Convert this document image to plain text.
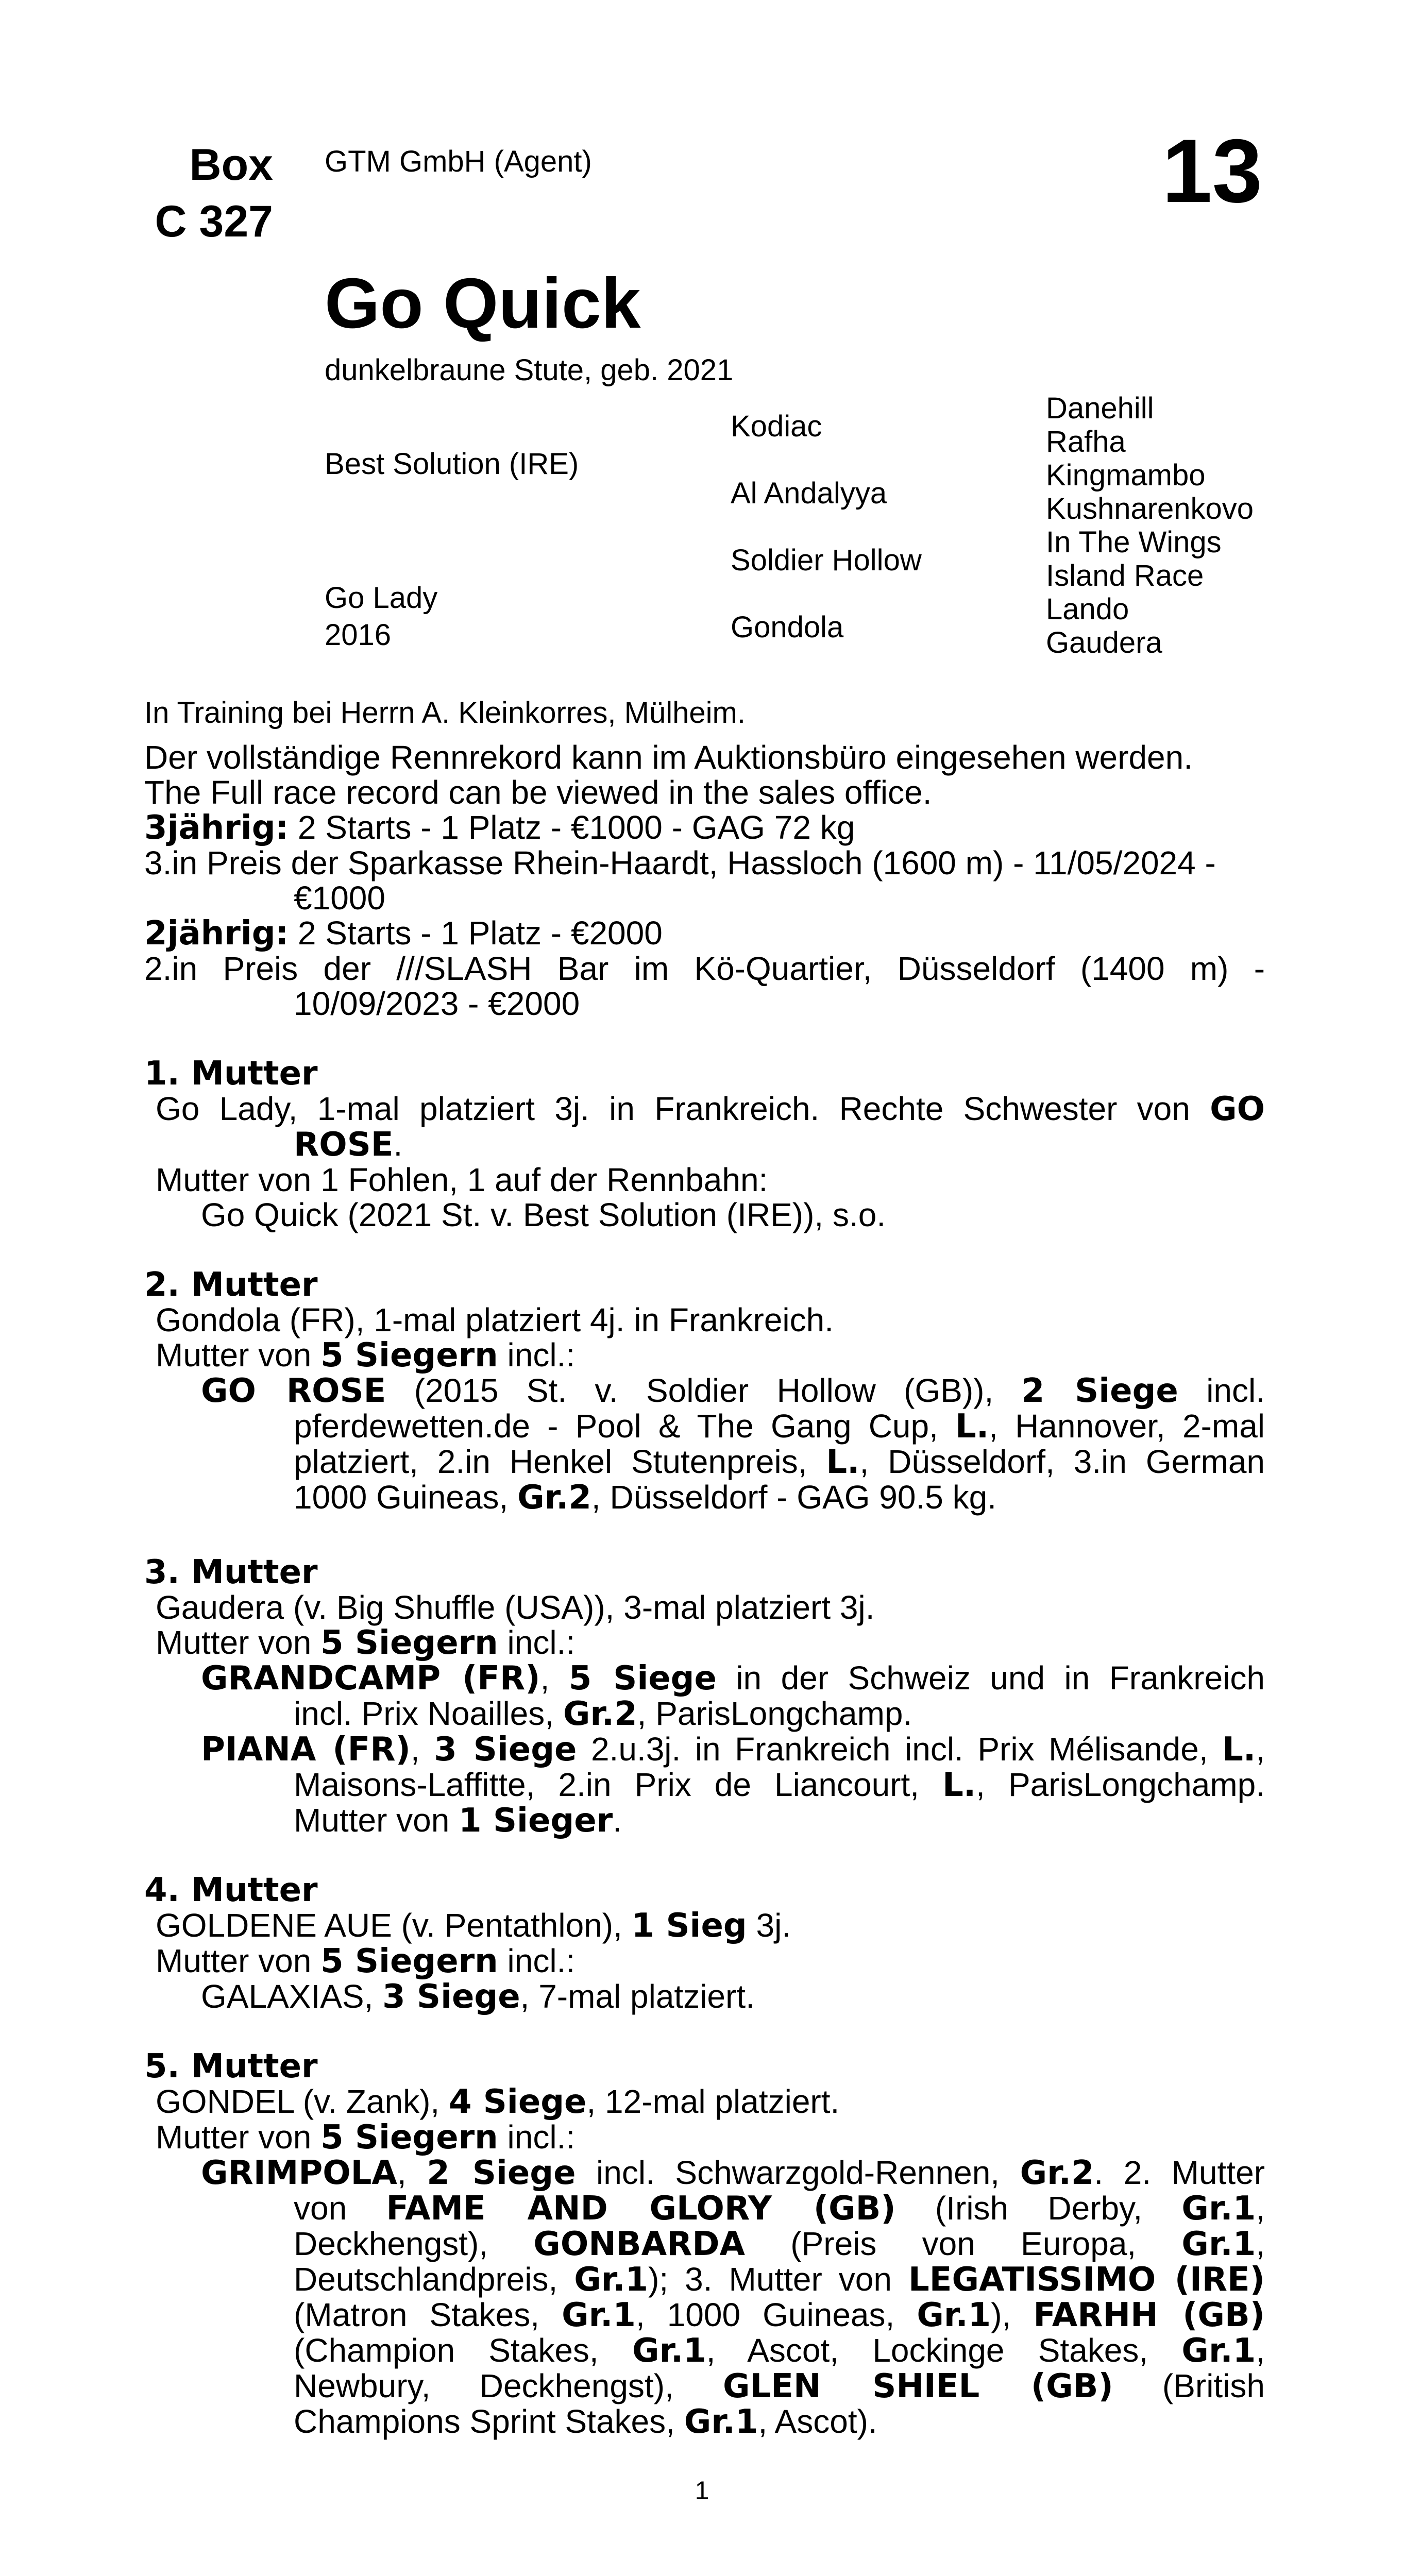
Box
C 327
GTM GmbH (Agent)	13
Go Quick
dunkelbraune Stute, geb. 2021
Best Solution (IRE)
Go Lady
2016
Kodiac
Al Andalyya
Soldier Hollow
Gondola
Danehill
Rafha
Kingmambo
Kushnarenkovo
In The Wings
Island Race
Lando
Gaudera
In Training bei Herrn A. Kleinkorres, Mülheim.
Der vollständige Rennrekord kann im Auktionsbüro eingesehen werden.
The Full race record can be viewed in the sales office.
3jährig: 2 Starts - 1 Platz - €1000 - GAG 72 kg
3.in Preis der Sparkasse Rhein-Haardt, Hassloch (1600 m) - 11/05/2024 -
€1000
2jährig: 2 Starts - 1 Platz - €2000
2.in Preis der ///SLASH Bar im Kö-Quartier, Düsseldorf (1400 m) -
10/09/2023 - €2000
1. Mutter
Go Lady, 1-mal platziert 3j. in Frankreich. Rechte Schwester von GO
ROSE.
Mutter von 1 Fohlen, 1 auf der Rennbahn:
Go Quick (2021 St. v. Best Solution (IRE)), s.o.
2. Mutter
Gondola (FR), 1-mal platziert 4j. in Frankreich.
Mutter von 5 Siegern incl.:
GO ROSE (2015 St. v. Soldier Hollow (GB)), 2 Siege incl.
pferdewetten.de - Pool & The Gang Cup, L., Hannover, 2-mal
platziert, 2.in Henkel Stutenpreis, L., Düsseldorf, 3.in German
1000 Guineas, Gr.2, Düsseldorf - GAG 90.5 kg.
3. Mutter
Gaudera (v. Big Shuffle (USA)), 3-mal platziert 3j.
Mutter von 5 Siegern incl.:
GRANDCAMP (FR), 5 Siege in der Schweiz und in Frankreich
incl. Prix Noailles, Gr.2, ParisLongchamp.
PIANA (FR), 3 Siege 2.u.3j. in Frankreich incl. Prix Mélisande, L.,
Maisons-Laffitte, 2.in Prix de Liancourt, L., ParisLongchamp.
Mutter von 1 Sieger.
4. Mutter
GOLDENE AUE (v. Pentathlon), 1 Sieg 3j.
Mutter von 5 Siegern incl.:
GALAXIAS, 3 Siege, 7-mal platziert.
5. Mutter
GONDEL (v. Zank), 4 Siege, 12-mal platziert.
Mutter von 5 Siegern incl.:
GRIMPOLA, 2 Siege incl. Schwarzgold-Rennen, Gr.2. 2. Mutter
von FAME AND GLORY (GB) (Irish Derby, Gr.1,
Deckhengst), GONBARDA (Preis von Europa, Gr.1,
Deutschlandpreis, Gr.1); 3. Mutter von LEGATISSIMO (IRE)
(Matron Stakes, Gr.1, 1000 Guineas, Gr.1), FARHH (GB)
(Champion Stakes, Gr.1, Ascot, Lockinge Stakes, Gr.1,
Newbury, Deckhengst), GLEN SHIEL (GB) (British
Champions Sprint Stakes, Gr.1, Ascot).
1
